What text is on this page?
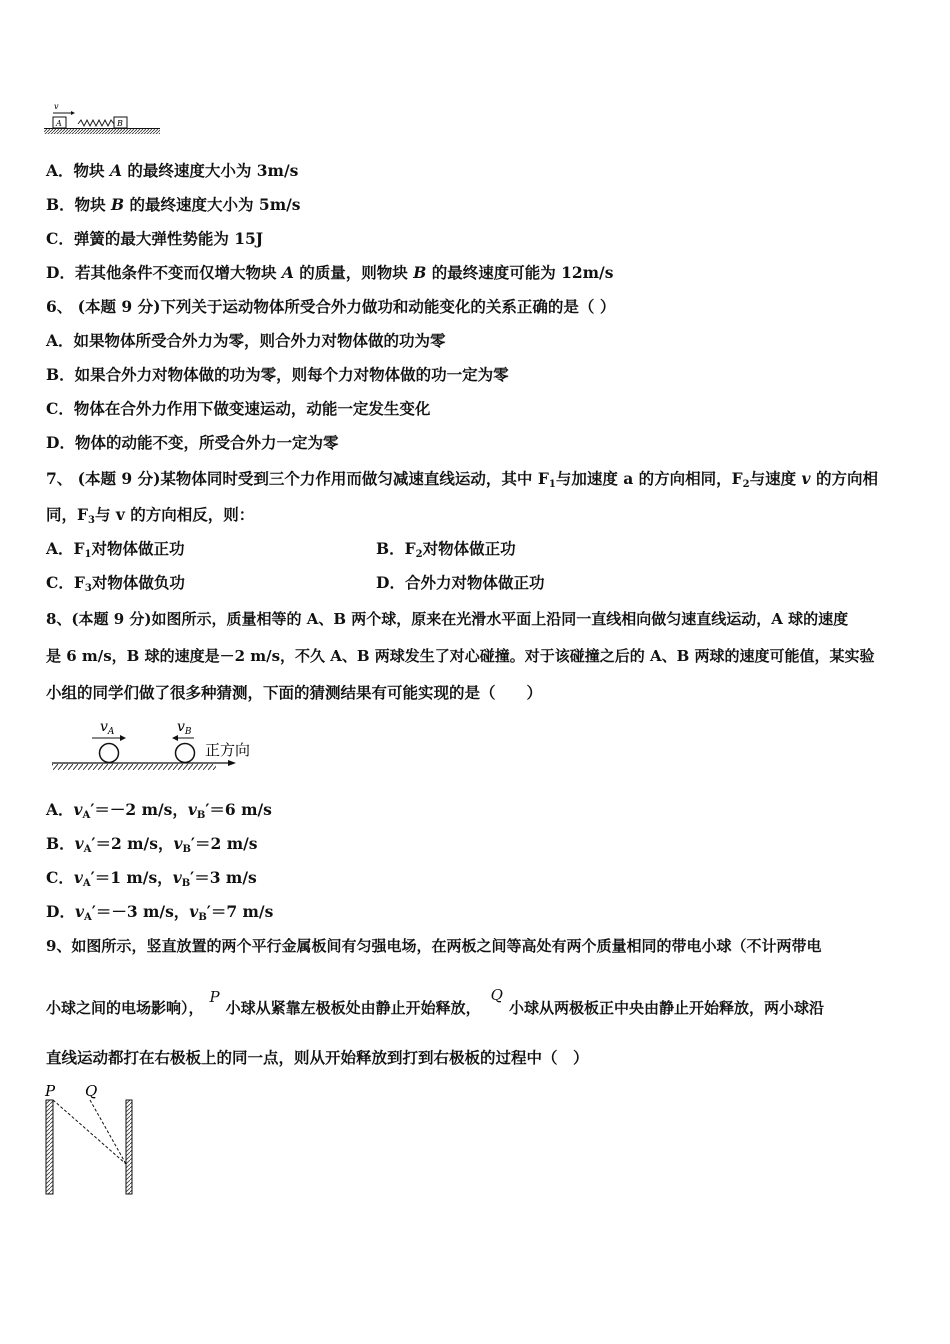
v
A	B
A．物块 A 的最终速度大小为 3m/s
B．物块 B 的最终速度大小为 5m/s
C．弹簧的最大弹性势能为 15J
D．若其他条件不变而仅增大物块 A 的质量，则物块 B 的最终速度可能为 12m/s
6、 (本题 9 分)下列关于运动物体所受合外力做功和动能变化的关系正确的是（ ）
A．如果物体所受合外力为零，则合外力对物体做的功为零
B．如果合外力对物体做的功为零，则每个力对物体做的功一定为零
C．物体在合外力作用下做变速运动，动能一定发生变化
D．物体的动能不变，所受合外力一定为零
7、 (本题 9 分)某物体同时受到三个力作用而做匀减速直线运动，其中 $F_1$与加速度 a 的方向相同，$F_2$与速度 v 的方向相
同，$F_3$与 v 的方向相反，则：
A．$F_1$对物体做正功	B．$F_2$对物体做正功
C．$F_3$对物体做负功	D．合外力对物体做正功
8、(本题 9 分)如图所示，质量相等的 A、B 两个球，原来在光滑水平面上沿同一直线相向做匀速直线运动，A 球的速度
是 6 m/s，B 球的速度是－2 m/s，不久 A、B 两球发生了对心碰撞。对于该碰撞之后的 A、B 两球的速度可能值，某实验
小组的同学们做了很多种猜测，下面的猜测结果有可能实现的是（　　）
$v_A$	$v_B$
正方向
A．$v_A'=-2$ m/s，$v_B'=6$ m/s
B．$v_A'=2$ m/s，$v_B'=2$ m/s
C．$v_A'=1$ m/s，$v_B'=3$ m/s
D．$v_A'=-3$ m/s，$v_B'=7$ m/s
9、如图所示，竖直放置的两个平行金属板间有匀强电场，在两板之间等高处有两个质量相同的带电小球（不计两带电
小球之间的电场影响），P小球从紧靠左极板处由静止开始释放，Q小球从两极板正中央由静止开始释放，两小球沿
直线运动都打在右极板上的同一点，则从开始释放到打到右极板的过程中（　）
P Q
